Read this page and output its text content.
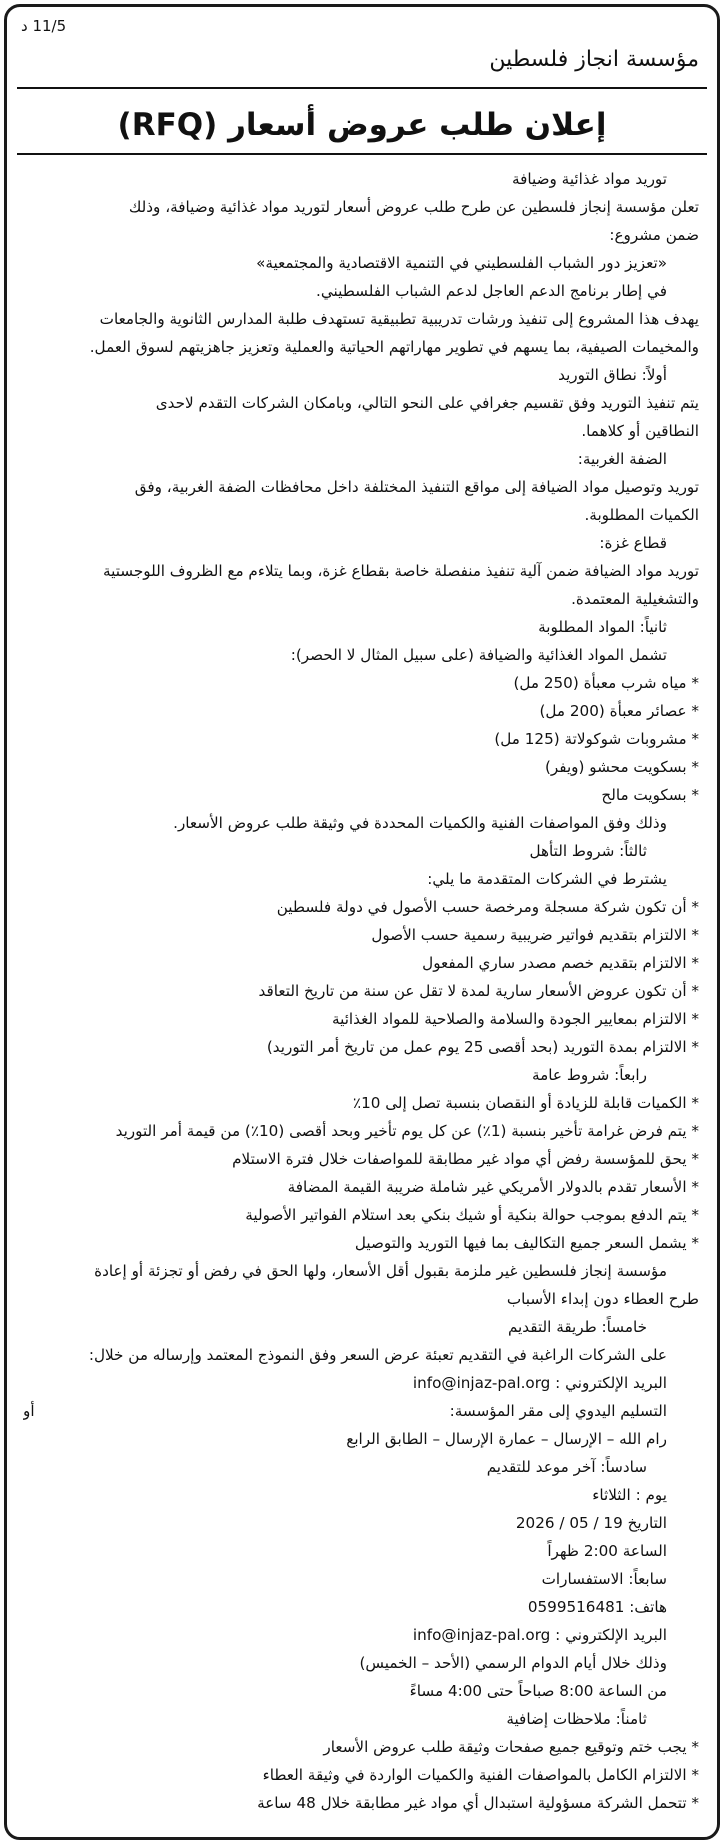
11/5 د
مؤسسة انجاز فلسطين
إعلان طلب عروض أسعار (RFQ)
توريد مواد غذائية وضيافة
تعلن مؤسسة إنجاز فلسطين عن طرح طلب عروض أسعار لتوريد مواد غذائية وضيافة، وذلك
ضمن مشروع:
«تعزيز دور الشباب الفلسطيني في التنمية الاقتصادية والمجتمعية»
في إطار برنامج الدعم العاجل لدعم الشباب الفلسطيني.
يهدف هذا المشروع إلى تنفيذ ورشات تدريبية تطبيقية تستهدف طلبة المدارس الثانوية والجامعات
والمخيمات الصيفية، بما يسهم في تطوير مهاراتهم الحياتية والعملية وتعزيز جاهزيتهم لسوق العمل.
أولاً: نطاق التوريد
يتم تنفيذ التوريد وفق تقسيم جغرافي على النحو التالي، وبامكان الشركات التقدم لاحدى
النطاقين أو كلاهما.
الضفة الغربية:
توريد وتوصيل مواد الضيافة إلى مواقع التنفيذ المختلفة داخل محافظات الضفة الغربية، وفق
الكميات المطلوبة.
قطاع غزة:
توريد مواد الضيافة ضمن آلية تنفيذ منفصلة خاصة بقطاع غزة، وبما يتلاءم مع الظروف اللوجستية
والتشغيلية المعتمدة.
ثانياً: المواد المطلوبة
تشمل المواد الغذائية والضيافة (على سبيل المثال لا الحصر):
* مياه شرب معبأة (250 مل)
* عصائر معبأة (200 مل)
* مشروبات شوكولاتة (125 مل)
* بسكويت محشو (ويفر)
* بسكويت مالح
وذلك وفق المواصفات الفنية والكميات المحددة في وثيقة طلب عروض الأسعار.
ثالثاً: شروط التأهل
يشترط في الشركات المتقدمة ما يلي:
* أن تكون شركة مسجلة ومرخصة حسب الأصول في دولة فلسطين
* الالتزام بتقديم فواتير ضريبية رسمية حسب الأصول
* الالتزام بتقديم خصم مصدر ساري المفعول
* أن تكون عروض الأسعار سارية لمدة لا تقل عن سنة من تاريخ التعاقد
* الالتزام بمعايير الجودة والسلامة والصلاحية للمواد الغذائية
* الالتزام بمدة التوريد (بحد أقصى 25 يوم عمل من تاريخ أمر التوريد)
رابعاً: شروط عامة
* الكميات قابلة للزيادة أو النقصان بنسبة تصل إلى 10٪
* يتم فرض غرامة تأخير بنسبة (1٪) عن كل يوم تأخير وبحد أقصى (10٪) من قيمة أمر التوريد
* يحق للمؤسسة رفض أي مواد غير مطابقة للمواصفات خلال فترة الاستلام
* الأسعار تقدم بالدولار الأمريكي غير شاملة ضريبة القيمة المضافة
* يتم الدفع بموجب حوالة بنكية أو شيك بنكي بعد استلام الفواتير الأصولية
* يشمل السعر جميع التكاليف بما فيها التوريد والتوصيل
مؤسسة إنجاز فلسطين غير ملزمة بقبول أقل الأسعار، ولها الحق في رفض أو تجزئة أو إعادة
طرح العطاء دون إبداء الأسباب
خامساً: طريقة التقديم
على الشركات الراغبة في التقديم تعبئة عرض السعر وفق النموذج المعتمد وإرساله من خلال:
البريد الإلكتروني : info@injaz-pal.org
التسليم اليدوي إلى مقر المؤسسة:
أو
رام الله – الإرسال – عمارة الإرسال – الطابق الرابع
سادساً: آخر موعد للتقديم
يوم : الثلاثاء
التاريخ 19 / 05 / 2026
الساعة 2:00 ظهراً
سابعاً: الاستفسارات
هاتف: 0599516481
البريد الإلكتروني : info@injaz-pal.org
وذلك خلال أيام الدوام الرسمي (الأحد – الخميس)
من الساعة 8:00 صباحاً حتى 4:00 مساءً
ثامناً: ملاحظات إضافية
* يجب ختم وتوقيع جميع صفحات وثيقة طلب عروض الأسعار
* الالتزام الكامل بالمواصفات الفنية والكميات الواردة في وثيقة العطاء
* تتحمل الشركة مسؤولية استبدال أي مواد غير مطابقة خلال 48 ساعة
